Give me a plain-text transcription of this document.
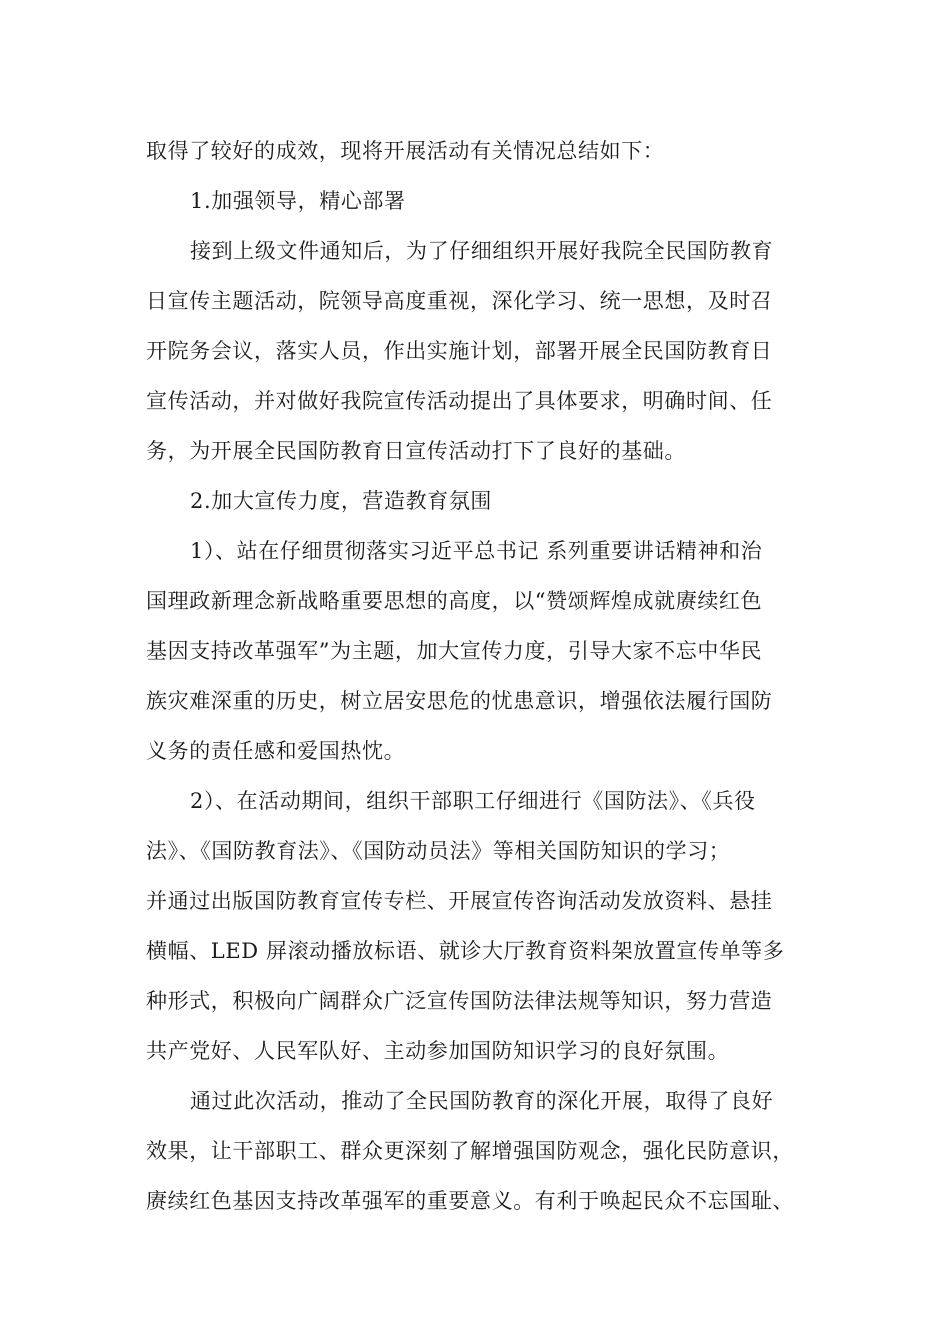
取得了较好的成效，现将开展活动有关情况总结如下：
1.加强领导，精心部署
接到上级文件通知后，为了仔细组织开展好我院全民国防教育
日宣传主题活动，院领导高度重视，深化学习、统一思想，及时召
开院务会议，落实人员，作出实施计划，部署开展全民国防教育日
宣传活动，并对做好我院宣传活动提出了具体要求，明确时间、任
务，为开展全民国防教育日宣传活动打下了良好的基础。
2.加大宣传力度，营造教育氛围
1）、站在仔细贯彻落实习近平总书记 系列重要讲话精神和治
国理政新理念新战略重要思想的高度，以“赞颂辉煌成就赓续红色
基因支持改革强军”为主题，加大宣传力度，引导大家不忘中华民
族灾难深重的历史，树立居安思危的忧患意识，增强依法履行国防
义务的责任感和爱国热忱。
2）、在活动期间，组织干部职工仔细进行《国防法》、《兵役
法》、《国防教育法》、《国防动员法》等相关国防知识的学习；
并通过出版国防教育宣传专栏、开展宣传咨询活动发放资料、悬挂
横幅、LED 屏滚动播放标语、就诊大厅教育资料架放置宣传单等多
种形式，积极向广阔群众广泛宣传国防法律法规等知识，努力营造
共产党好、人民军队好、主动参加国防知识学习的良好氛围。
通过此次活动，推动了全民国防教育的深化开展，取得了良好
效果，让干部职工、群众更深刻了解增强国防观念，强化民防意识，
赓续红色基因支持改革强军的重要意义。有利于唤起民众不忘国耻、
